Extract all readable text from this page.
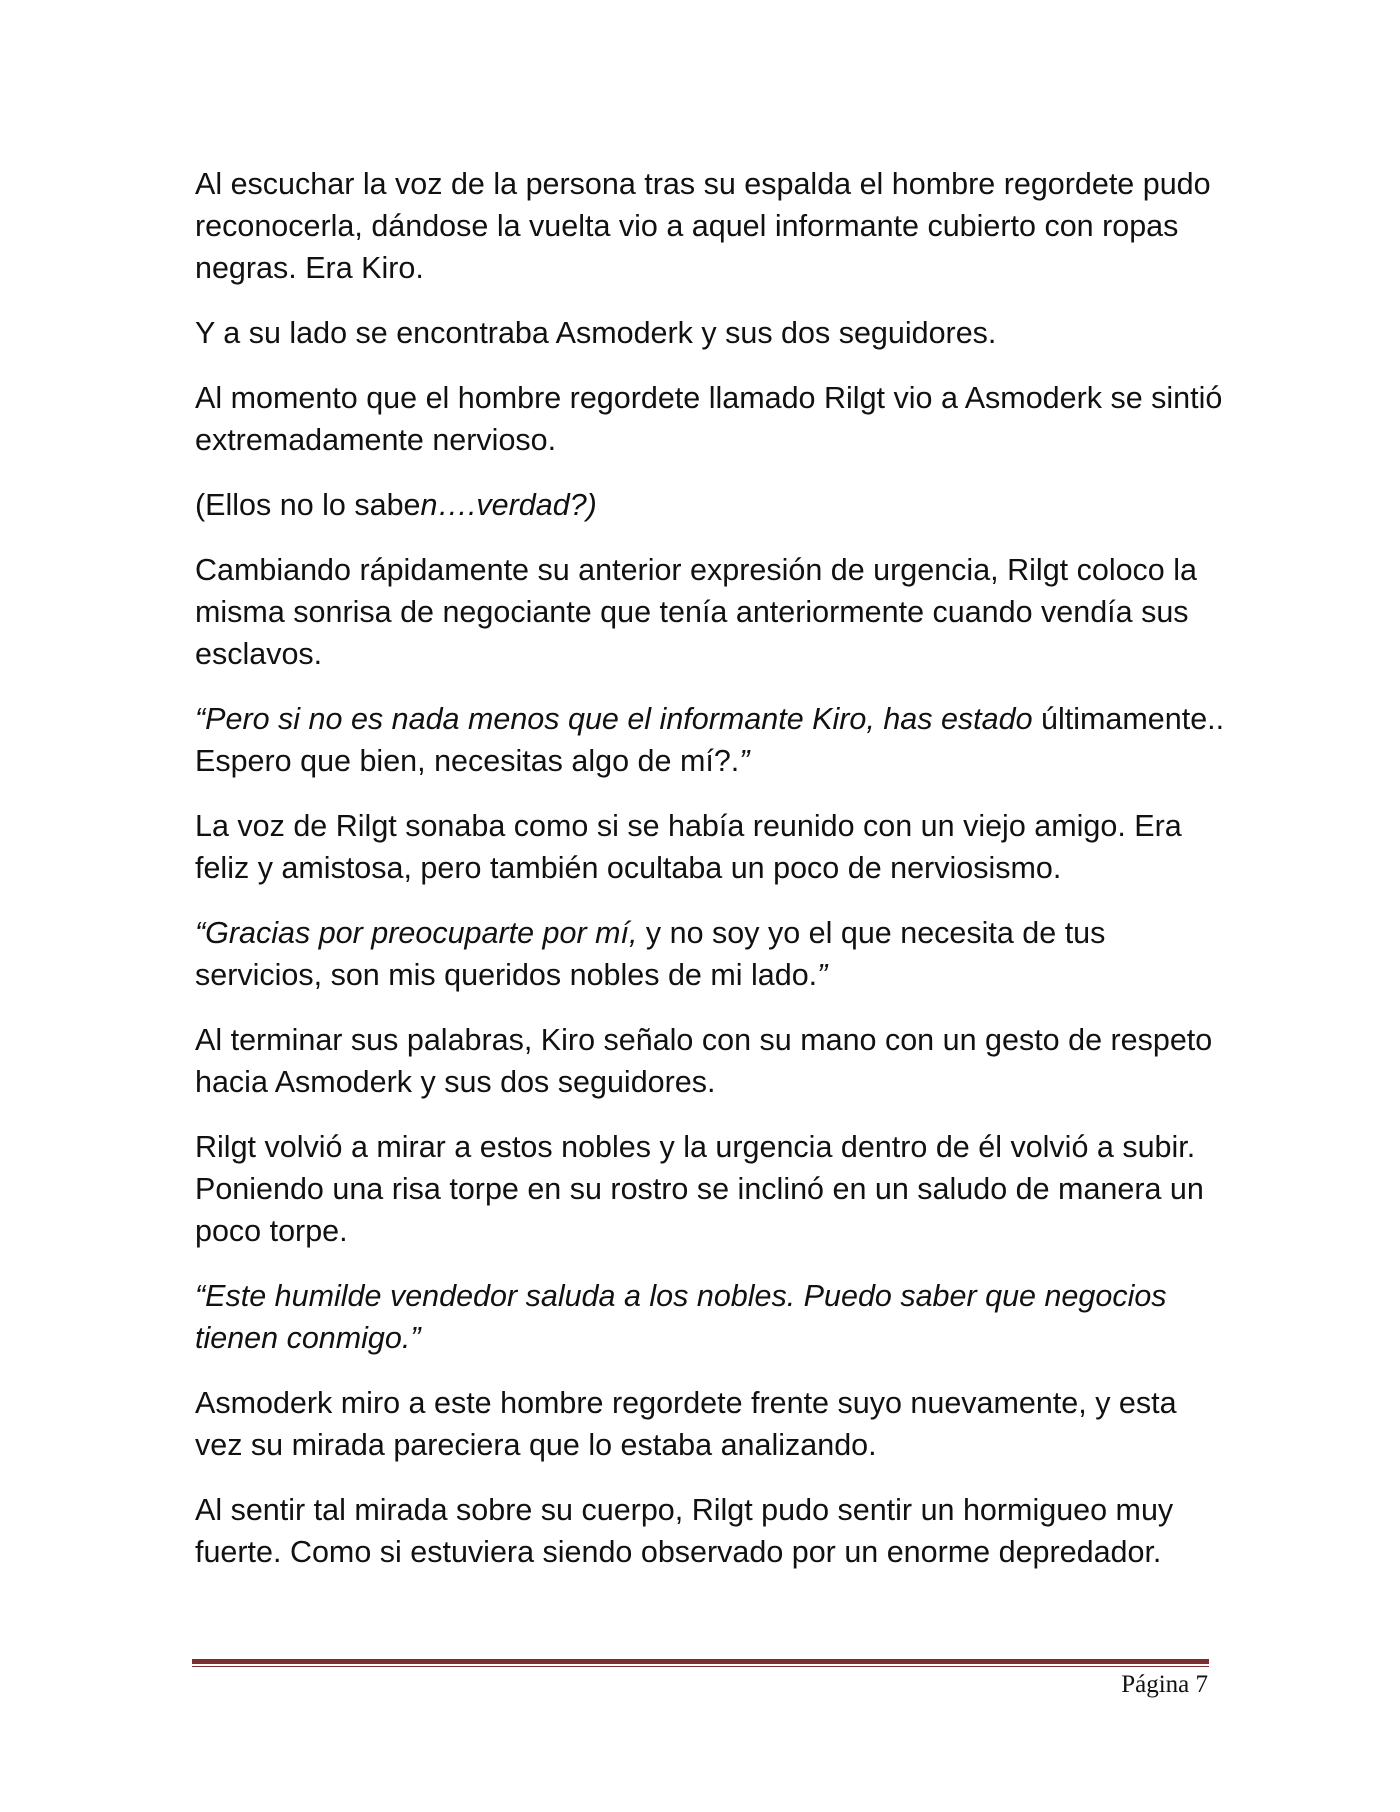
Al escuchar la voz de la persona tras su espalda el hombre regordete pudo reconocerla, dándose la vuelta vio a aquel informante cubierto con ropas negras. Era Kiro.

Y a su lado se encontraba Asmoderk y sus dos seguidores.

Al momento que el hombre regordete llamado Rilgt vio a Asmoderk se sintió extremadamente nervioso.

(Ellos no lo saben….verdad?)

Cambiando rápidamente su anterior expresión de urgencia, Rilgt coloco la misma sonrisa de negociante que tenía anteriormente cuando vendía sus esclavos.

“Pero si no es nada menos que el informante Kiro, has estado últimamente.. Espero que bien, necesitas algo de mí?.”

La voz de Rilgt sonaba como si se había reunido con un viejo amigo. Era feliz y amistosa, pero también ocultaba un poco de nerviosismo.

“Gracias por preocuparte por mí, y no soy yo el que necesita de tus servicios, son mis queridos nobles de mi lado.”

Al terminar sus palabras, Kiro señalo con su mano con un gesto de respeto hacia Asmoderk y sus dos seguidores.

Rilgt volvió a mirar a estos nobles y la urgencia dentro de él volvió a subir. Poniendo una risa torpe en su rostro se inclinó en un saludo de manera un poco torpe.

“Este humilde vendedor saluda a los nobles. Puedo saber que negocios tienen conmigo.”

Asmoderk miro a este hombre regordete frente suyo nuevamente, y esta vez su mirada pareciera que lo estaba analizando.

Al sentir tal mirada sobre su cuerpo, Rilgt pudo sentir un hormigueo muy fuerte. Como si estuviera siendo observado por un enorme depredador.

Página 7
